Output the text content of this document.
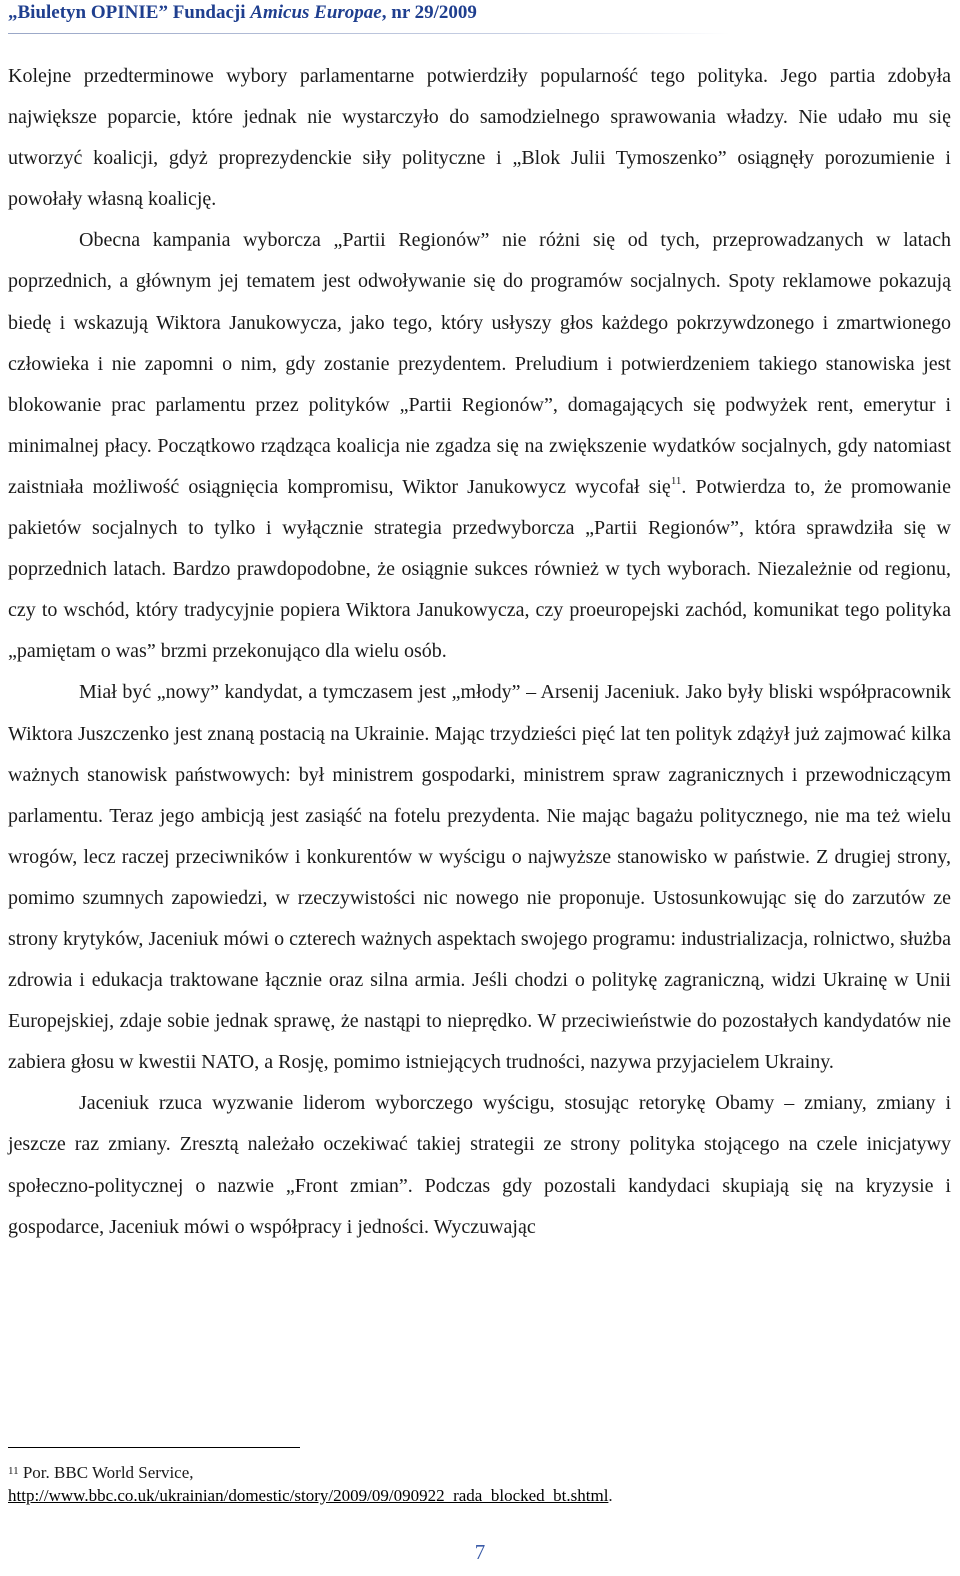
„Biuletyn OPINIE” Fundacji Amicus Europae, nr 29/2009

Kolejne przedterminowe wybory parlamentarne potwierdziły popularność tego polityka. Jego partia zdobyła największe poparcie, które jednak nie wystarczyło do samodzielnego sprawowania władzy. Nie udało mu się utworzyć koalicji, gdyż proprezydenckie siły polityczne i „Blok Julii Tymoszenko” osiągnęły porozumienie i powołały własną koalicję.

Obecna kampania wyborcza „Partii Regionów” nie różni się od tych, przeprowadzanych w latach poprzednich, a głównym jej tematem jest odwoływanie się do programów socjalnych. Spoty reklamowe pokazują biedę i wskazują Wiktora Janukowycza, jako tego, który usłyszy głos każdego pokrzywdzonego i zmartwionego człowieka i nie zapomni o nim, gdy zostanie prezydentem. Preludium i potwierdzeniem takiego stanowiska jest blokowanie prac parlamentu przez polityków „Partii Regionów”, domagających się podwyżek rent, emerytur i minimalnej płacy. Początkowo rządząca koalicja nie zgadza się na zwiększenie wydatków socjalnych, gdy natomiast zaistniała możliwość osiągnięcia kompromisu, Wiktor Janukowycz wycofał się$^{11}$. Potwierdza to, że promowanie pakietów socjalnych to tylko i wyłącznie strategia przedwyborcza „Partii Regionów”, która sprawdziła się w poprzednich latach. Bardzo prawdopodobne, że osiągnie sukces również w tych wyborach. Niezależnie od regionu, czy to wschód, który tradycyjnie popiera Wiktora Janukowycza, czy proeuropejski zachód, komunikat tego polityka „pamiętam o was” brzmi przekonująco dla wielu osób.

Miał być „nowy” kandydat, a tymczasem jest „młody” – Arsenij Jaceniuk. Jako były bliski współpracownik Wiktora Juszczenko jest znaną postacią na Ukrainie. Mając trzydzieści pięć lat ten polityk zdążył już zajmować kilka ważnych stanowisk państwowych: był ministrem gospodarki, ministrem spraw zagranicznych i przewodniczącym parlamentu. Teraz jego ambicją jest zasiąść na fotelu prezydenta. Nie mając bagażu politycznego, nie ma też wielu wrogów, lecz raczej przeciwników i konkurentów w wyścigu o najwyższe stanowisko w państwie. Z drugiej strony, pomimo szumnych zapowiedzi, w rzeczywistości nic nowego nie proponuje. Ustosunkowując się do zarzutów ze strony krytyków, Jaceniuk mówi o czterech ważnych aspektach swojego programu: industrializacja, rolnictwo, służba zdrowia i edukacja traktowane łącznie oraz silna armia. Jeśli chodzi o politykę zagraniczną, widzi Ukrainę w Unii Europejskiej, zdaje sobie jednak sprawę, że nastąpi to nieprędko. W przeciwieństwie do pozostałych kandydatów nie zabiera głosu w kwestii NATO, a Rosję, pomimo istniejących trudności, nazywa przyjacielem Ukrainy.

Jaceniuk rzuca wyzwanie liderom wyborczego wyścigu, stosując retorykę Obamy – zmiany, zmiany i jeszcze raz zmiany. Zresztą należało oczekiwać takiej strategii ze strony polityka stojącego na czele inicjatywy społeczno-politycznej o nazwie „Front zmian”. Podczas gdy pozostali kandydaci skupiają się na kryzysie i gospodarce, Jaceniuk mówi o współpracy i jedności. Wyczuwając

$^{11}$ Por. BBC World Service,
http://www.bbc.co.uk/ukrainian/domestic/story/2009/09/090922_rada_blocked_bt.shtml.
7
